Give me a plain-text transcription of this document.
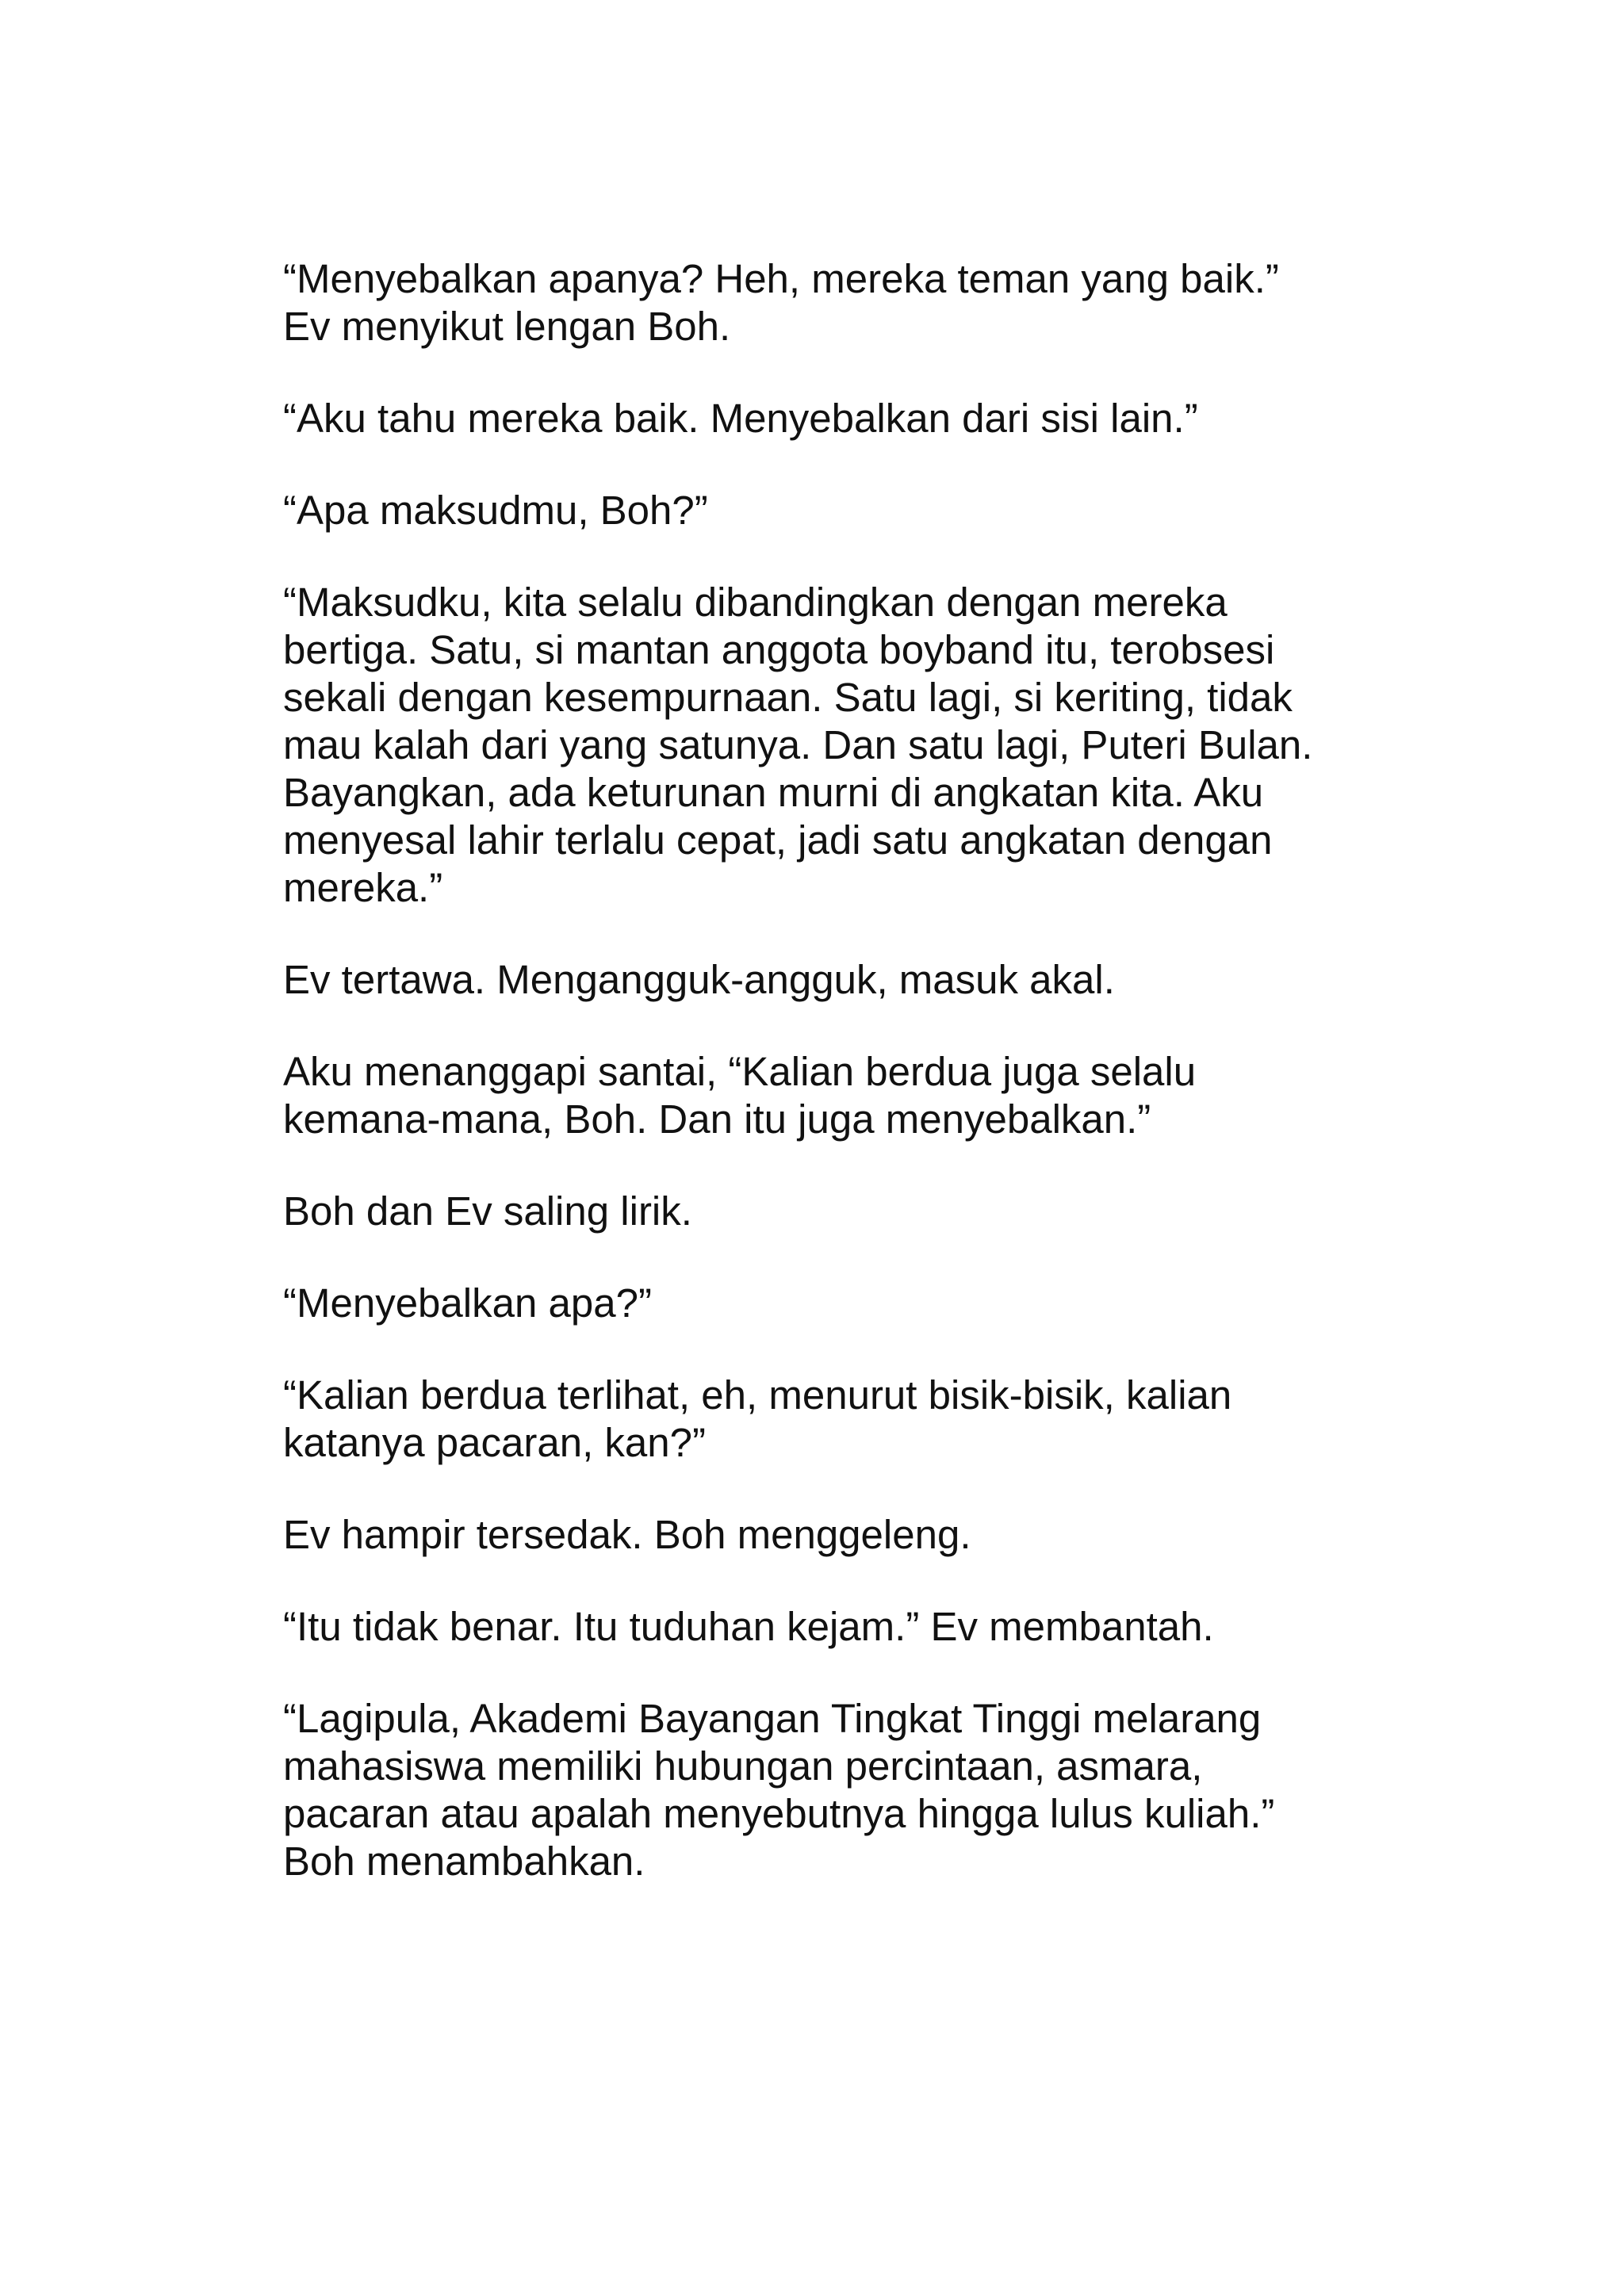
“Menyebalkan apanya? Heh, mereka teman yang baik.”

Ev menyikut lengan Boh.

“Aku tahu mereka baik. Menyebalkan dari sisi lain.”

“Apa maksudmu, Boh?”

“Maksudku, kita selalu dibandingkan dengan mereka

bertiga. Satu, si mantan anggota boyband itu, terobsesi

sekali dengan kesempurnaan. Satu lagi, si keriting, tidak

mau kalah dari yang satunya. Dan satu lagi, Puteri Bulan.

Bayangkan, ada keturunan murni di angkatan kita. Aku

menyesal lahir terlalu cepat, jadi satu angkatan dengan

mereka.”

Ev tertawa. Mengangguk-angguk, masuk akal.

Aku menanggapi santai, “Kalian berdua juga selalu

kemana-mana, Boh. Dan itu juga menyebalkan.”

Boh dan Ev saling lirik.

“Menyebalkan apa?”

“Kalian berdua terlihat, eh, menurut bisik-bisik, kalian

katanya pacaran, kan?”

Ev hampir tersedak. Boh menggeleng.

“Itu tidak benar. Itu tuduhan kejam.” Ev membantah.

“Lagipula, Akademi Bayangan Tingkat Tinggi melarang

mahasiswa memiliki hubungan percintaan, asmara,

pacaran atau apalah menyebutnya hingga lulus kuliah.”

Boh menambahkan.
